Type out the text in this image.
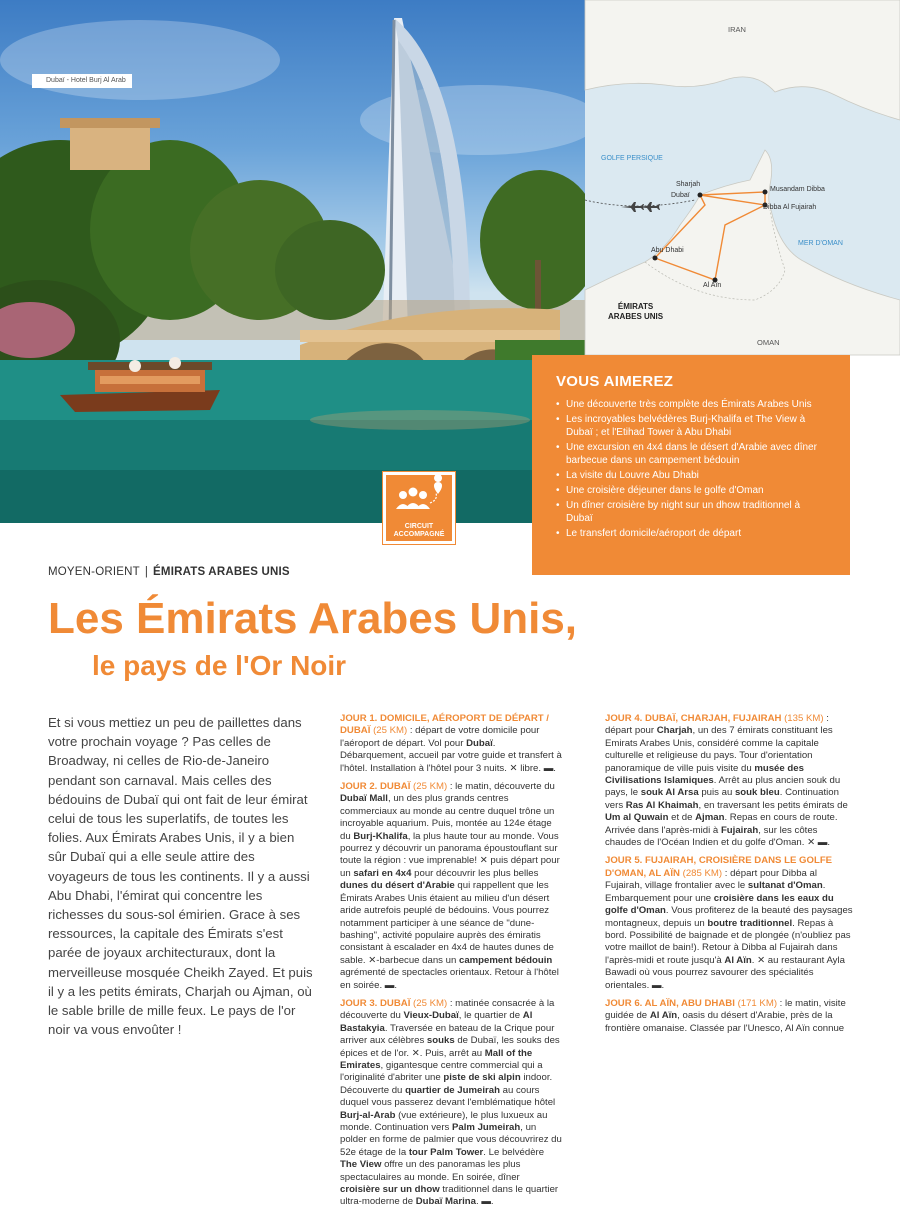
Dubaï - Hotel Burj Al Arab
IRAN
GOLFE PERSIQUE
MER D'OMAN
Sharjah
Dubaï
Musandam Dibba
Dibba Al Fujairah
Abu Dhabi
Al Aïn
ÉMIRATS
ARABES UNIS
OMAN
VOUS AIMEREZ
• Une découverte très complète des Émirats Arabes Unis
• Les incroyables belvédères Burj-Khalifa et The View à Dubaï ; et l'Etihad Tower à Abu Dhabi
• Une excursion en 4x4 dans le désert d'Arabie avec dîner barbecue dans un campement bédouin
• La visite du Louvre Abu Dhabi
• Une croisière déjeuner dans le golfe d'Oman
• Un dîner croisière by night sur un dhow traditionnel à Dubaï
• Le transfert domicile/aéroport de départ
CIRCUIT
ACCOMPAGNÉ
MOYEN-ORIENT | ÉMIRATS ARABES UNIS
Les Émirats Arabes Unis,
le pays de l'Or Noir

Et si vous mettiez un peu de paillettes dans votre prochain voyage ? Pas celles de Broadway, ni celles de Rio-de-Janeiro pendant son carnaval. Mais celles des bédouins de Dubaï qui ont fait de leur émirat celui de tous les superlatifs, de toutes les folies. Aux Émirats Arabes Unis, il y a bien sûr Dubaï qui a elle seule attire des voyageurs de tous les continents. Il y a aussi Abu Dhabi, l'émirat qui concentre les richesses du sous-sol émirien. Grace à ses ressources, la capitale des Émirats s'est parée de joyaux architecturaux, dont la merveilleuse mosquée Cheikh Zayed. Et puis il y a les petits émirats, Charjah ou Ajman, où le sable brille de mille feux. Le pays de l'or noir va vous envoûter !

JOUR 1. DOMICILE, AÉROPORT DE DÉPART / DUBAÏ (25 KM) : départ de votre domicile pour l'aéroport de départ. Vol pour Dubaï. Débarquement, accueil par votre guide et transfert à l'hôtel. Installation à l'hôtel pour 3 nuits. ✕ libre. ▬.

JOUR 2. DUBAÏ (25 KM) : le matin, découverte du Dubaï Mall, un des plus grands centres commerciaux au monde au centre duquel trône un incroyable aquarium. Puis, montée au 124e étage du Burj-Khalifa, la plus haute tour au monde. Vous pourrez y découvrir un panorama époustouflant sur toute la région : vue imprenable! ✕ puis départ pour un safari en 4x4 pour découvrir les plus belles dunes du désert d'Arabie qui rappellent que les Émirats Arabes Unis étaient au milieu d'un désert aride autrefois peuplé de bédouins. Vous pourrez notamment participer à une séance de "dune-bashing", activité populaire auprès des émiratis consistant à escalader en 4x4 de hautes dunes de sable. ✕-barbecue dans un campement bédouin agrémenté de spectacles orientaux. Retour à l'hôtel en soirée. ▬.

JOUR 3. DUBAÏ (25 KM) : matinée consacrée à la découverte du Vieux-Dubaï, le quartier de Al Bastakyia. Traversée en bateau de la Crique pour arriver aux célèbres souks de Dubaï, les souks des épices et de l'or. ✕. Puis, arrêt au Mall of the Emirates, gigantesque centre commercial qui a l'originalité d'abriter une piste de ski alpin indoor. Découverte du quartier de Jumeirah au cours duquel vous passerez devant l'emblématique hôtel Burj-al-Arab (vue extérieure), le plus luxueux au monde. Continuation vers Palm Jumeirah, un polder en forme de palmier que vous découvrirez du 52e étage de la tour Palm Tower. Le belvédère The View offre un des panoramas les plus spectaculaires au monde. En soirée, dîner croisière sur un dhow traditionnel dans le quartier ultra-moderne de Dubaï Marina. ▬.

JOUR 4. DUBAÏ, CHARJAH, FUJAIRAH (135 KM) : départ pour Charjah, un des 7 émirats constituant les Emirats Arabes Unis, considéré comme la capitale culturelle et religieuse du pays. Tour d'orientation panoramique de ville puis visite du musée des Civilisations Islamiques. Arrêt au plus ancien souk du pays, le souk Al Arsa puis au souk bleu. Continuation vers Ras Al Khaimah, en traversant les petits émirats de Um al Quwain et de Ajman. Repas en cours de route. Arrivée dans l'après-midi à Fujairah, sur les côtes chaudes de l'Océan Indien et du golfe d'Oman. ✕ ▬.

JOUR 5. FUJAIRAH, CROISIÈRE DANS LE GOLFE D'OMAN, AL AÏN (285 KM) : départ pour Dibba al Fujairah, village frontalier avec le sultanat d'Oman. Embarquement pour une croisière dans les eaux du golfe d'Oman. Vous profiterez de la beauté des paysages montagneux, depuis un boutre traditionnel. Repas à bord. Possibilité de baignade et de plongée (n'oubliez pas votre maillot de bain!). Retour à Dibba al Fujairah dans l'après-midi et route jusqu'à Al Aïn. ✕ au restaurant Ayla Bawadi où vous pourrez savourer des spécialités orientales. ▬.

JOUR 6. AL AÏN, ABU DHABI (171 KM) : le matin, visite guidée de Al Aïn, oasis du désert d'Arabie, près de la frontière omanaise. Classée par l'Unesco, Al Aïn connue
